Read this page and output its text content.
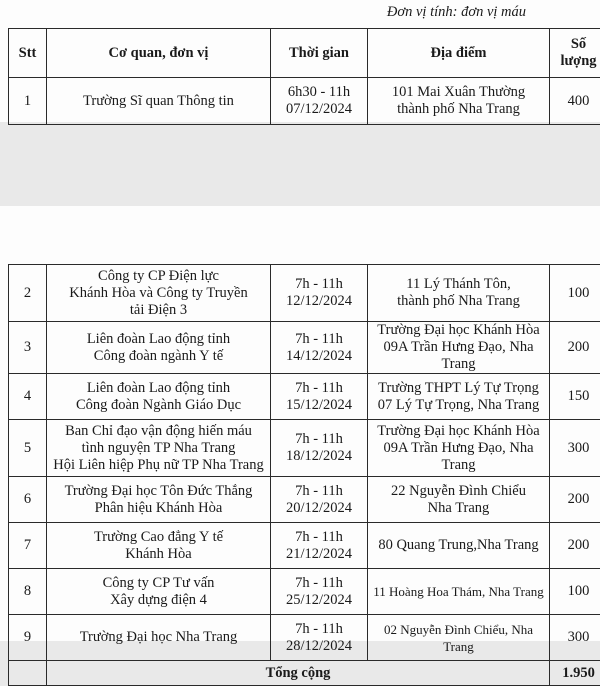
Đơn vị tính: đơn vị máu
Stt	Cơ quan, đơn vị	Thời gian	Địa điểm	Số
lượng

1	Trường Sĩ quan Thông tin	6h30 - 11h
07/12/2024	101 Mai Xuân Thường
thành phố Nha Trang	400
2	Công ty CP Điện lực
Khánh Hòa và Công ty Truyền
tải Điện 3	7h - 11h
12/12/2024	11 Lý Thánh Tôn,
thành phố Nha Trang	100
3	Liên đoàn Lao động tỉnh
Công đoàn ngành Y tế	7h - 11h
14/12/2024	Trường Đại học Khánh Hòa
09A Trần Hưng Đạo, Nha Trang	200
4	Liên đoàn Lao động tỉnh
Công đoàn Ngành Giáo Dục	7h - 11h
15/12/2024	Trường THPT Lý Tự Trọng
07 Lý Tự Trọng, Nha Trang	150
5	Ban Chỉ đạo vận động hiến máu
tình nguyện TP Nha Trang
Hội Liên hiệp Phụ nữ TP Nha Trang	7h - 11h
18/12/2024	Trường Đại học Khánh Hòa
09A Trần Hưng Đạo, Nha Trang	300
6	Trường Đại học Tôn Đức Thắng
Phân hiệu Khánh Hòa	7h - 11h
20/12/2024	22 Nguyễn Đình Chiểu
Nha Trang	200
7	Trường Cao đẳng Y tế
Khánh Hòa	7h - 11h
21/12/2024	80 Quang Trung,Nha Trang	200
8	Công ty CP Tư vấn
Xây dựng điện 4	7h - 11h
25/12/2024	11 Hoàng Hoa Thám, Nha Trang	100
9	Trường Đại học Nha Trang	7h - 11h
28/12/2024	02 Nguyễn Đình Chiểu, Nha Trang	300
	Tổng cộng			1.950
